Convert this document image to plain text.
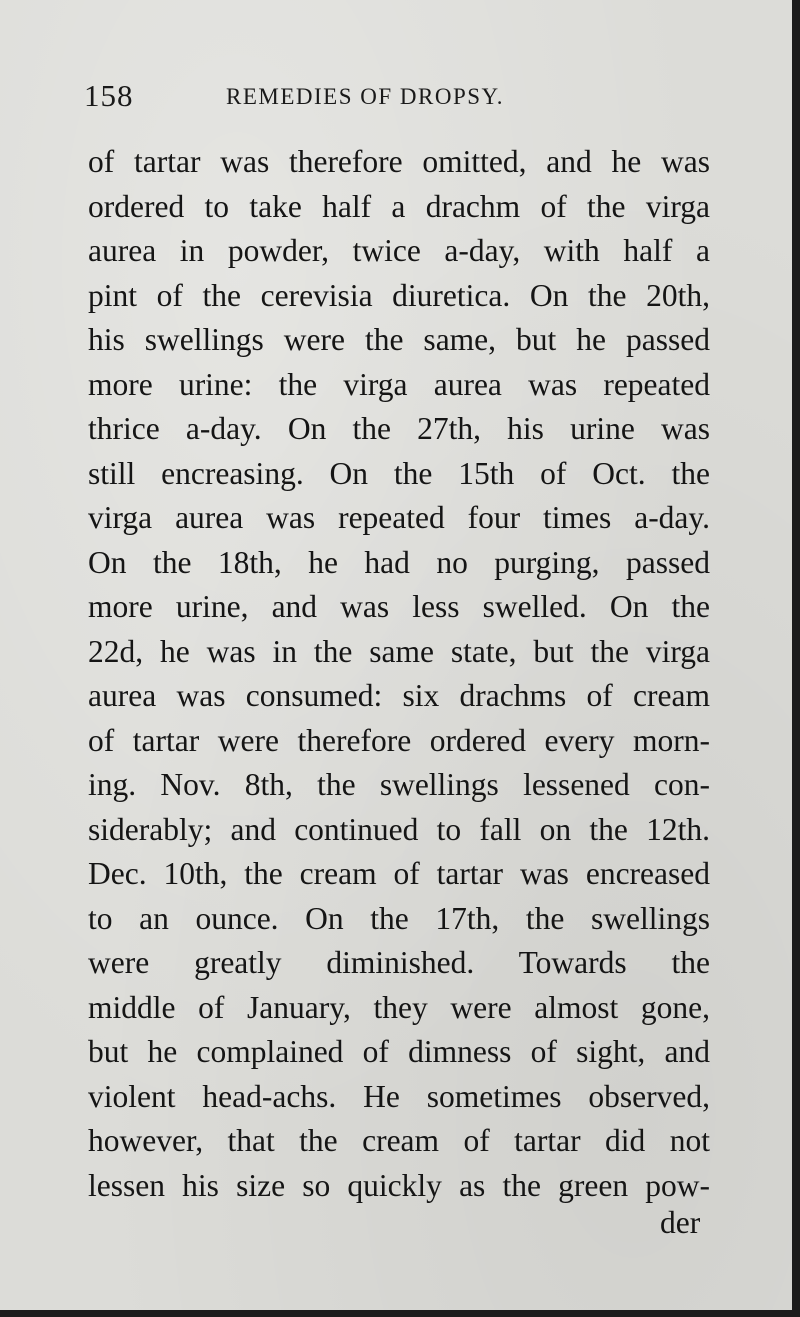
158	REMEDIES OF DROPSY.
of tartar was therefore omitted, and he was
ordered to take half a drachm of the virga
aurea in powder, twice a-day, with half a
pint of the cerevisia diuretica. On the 20th,
his swellings were the same, but he passed
more urine: the virga aurea was repeated
thrice a-day. On the 27th, his urine was
still encreasing. On the 15th of Oct. the
virga aurea was repeated four times a-day.
On the 18th, he had no purging, passed
more urine, and was less swelled. On the
22d, he was in the same state, but the virga
aurea was consumed: six drachms of cream
of tartar were therefore ordered every morn-
ing. Nov. 8th, the swellings lessened con-
siderably; and continued to fall on the 12th.
Dec. 10th, the cream of tartar was encreased
to an ounce. On the 17th, the swellings
were greatly diminished. Towards the
middle of January, they were almost gone,
but he complained of dimness of sight, and
violent head-achs. He sometimes observed,
however, that the cream of tartar did not
lessen his size so quickly as the green pow-
der
